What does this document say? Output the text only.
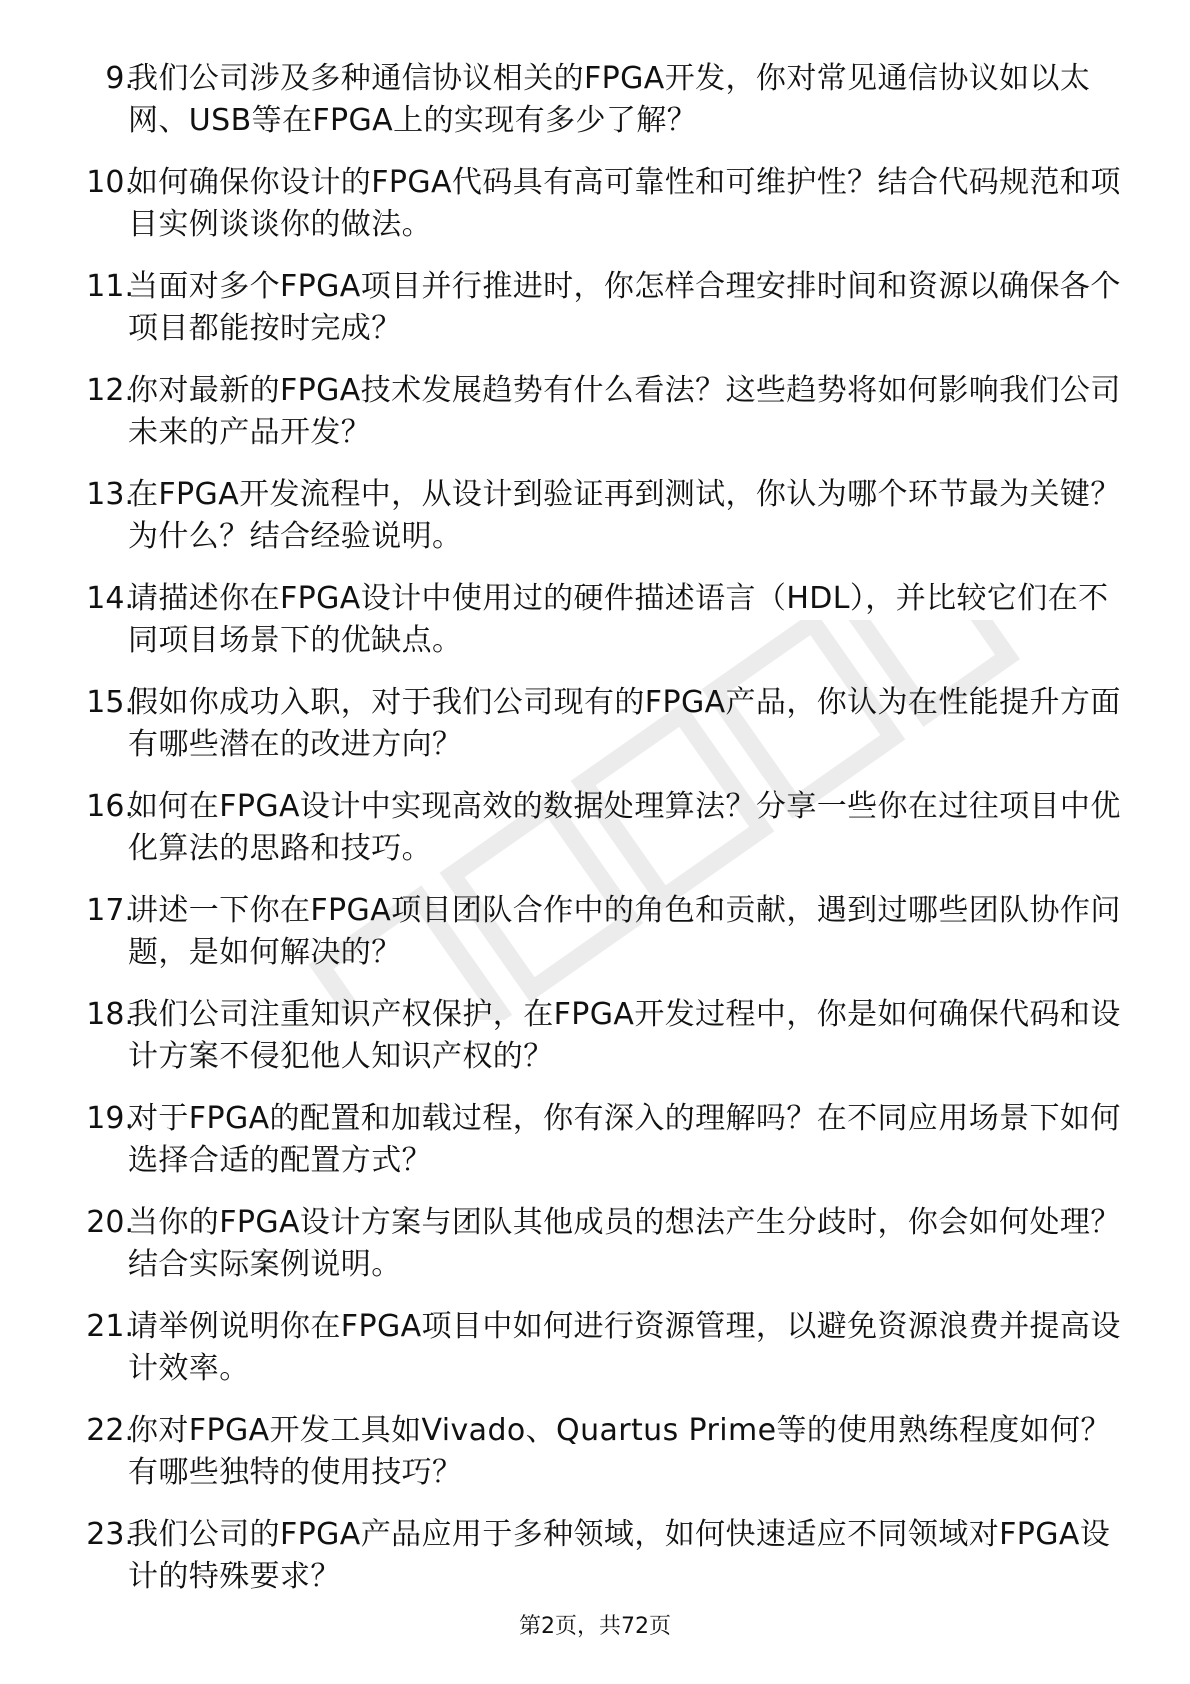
9.
我们公司涉及多种通信协议相关的FPGA开发，你对常见通信协议如以太网、USB等在FPGA上的实现有多少了解？
10.
如何确保你设计的FPGA代码具有高可靠性和可维护性？结合代码规范和项目实例谈谈你的做法。
11.
当面对多个FPGA项目并行推进时，你怎样合理安排时间和资源以确保各个项目都能按时完成？
12.
你对最新的FPGA技术发展趋势有什么看法？这些趋势将如何影响我们公司未来的产品开发？
13.
在FPGA开发流程中，从设计到验证再到测试，你认为哪个环节最为关键？为什么？结合经验说明。
14.
请描述你在FPGA设计中使用过的硬件描述语言（HDL），并比较它们在不同项目场景下的优缺点。
15.
假如你成功入职，对于我们公司现有的FPGA产品，你认为在性能提升方面有哪些潜在的改进方向？
16.
如何在FPGA设计中实现高效的数据处理算法？分享一些你在过往项目中优化算法的思路和技巧。
17.
讲述一下你在FPGA项目团队合作中的角色和贡献，遇到过哪些团队协作问题，是如何解决的？
18.
我们公司注重知识产权保护，在FPGA开发过程中，你是如何确保代码和设计方案不侵犯他人知识产权的？
19.
对于FPGA的配置和加载过程，你有深入的理解吗？在不同应用场景下如何选择合适的配置方式？
20.
当你的FPGA设计方案与团队其他成员的想法产生分歧时，你会如何处理？结合实际案例说明。
21.
请举例说明你在FPGA项目中如何进行资源管理，以避免资源浪费并提高设计效率。
22.
你对FPGA开发工具如Vivado、Quartus Prime等的使用熟练程度如何？有哪些独特的使用技巧？
23.
我们公司的FPGA产品应用于多种领域，如何快速适应不同领域对FPGA设计的特殊要求？
第2页，共72页
